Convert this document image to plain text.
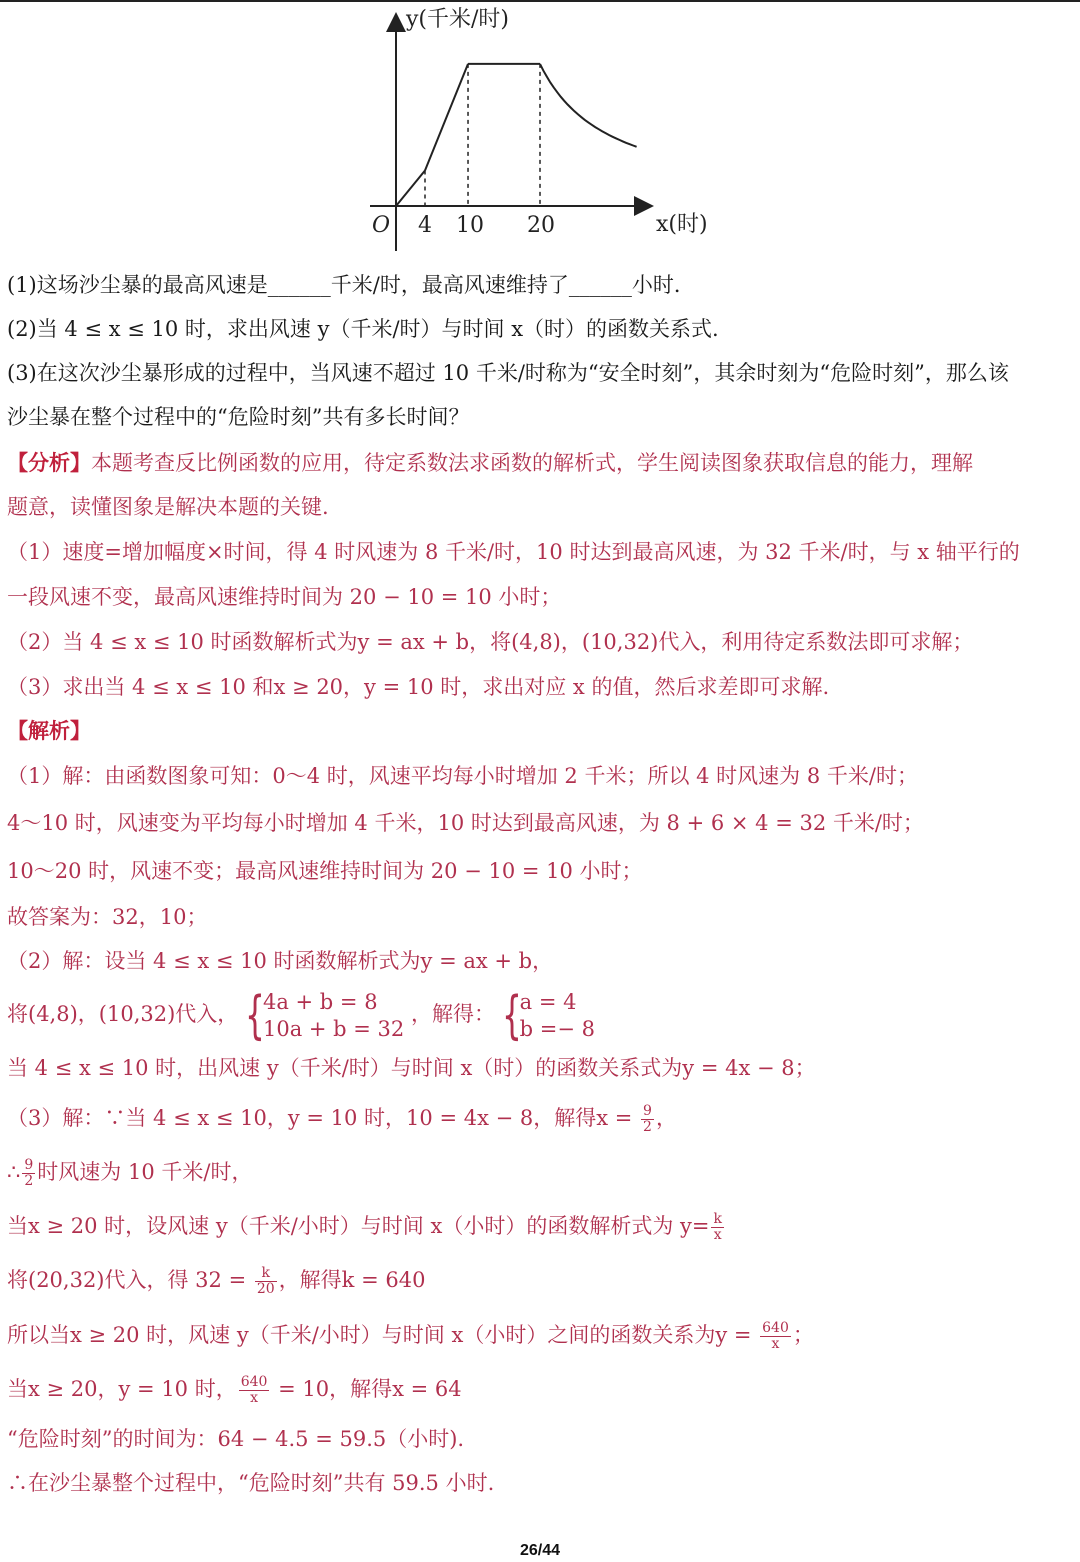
y(千米/时)
x(时)
O 4 10 20
(1)这场沙尘暴的最高风速是______千米/时，最高风速维持了______小时．
(2)当 4 ≤ x ≤ 10 时，求出风速 y（千米/时）与时间 x（时）的函数关系式.
(3)在这次沙尘暴形成的过程中，当风速不超过 10 千米/时称为“安全时刻”，其余时刻为“危险时刻”，那么该
沙尘暴在整个过程中的“危险时刻”共有多长时间？
【分析】本题考查反比例函数的应用，待定系数法求函数的解析式，学生阅读图象获取信息的能力，理解
题意，读懂图象是解决本题的关键.
（1）速度=增加幅度×时间，得 4 时风速为 8 千米/时，10 时达到最高风速，为 32 千米/时，与 x 轴平行的
一段风速不变，最高风速维持时间为 20 − 10 = 10 小时；
（2）当 4 ≤ x ≤ 10 时函数解析式为y = ax + b，将(4,8)，(10,32)代入，利用待定系数法即可求解；
（3）求出当 4 ≤ x ≤ 10 和x ≥ 20，y = 10 时，求出对应 x 的值，然后求差即可求解.
【解析】
（1）解：由函数图象可知：0～4 时，风速平均每小时增加 2 千米；所以 4 时风速为 8 千米/时；
4～10 时，风速变为平均每小时增加 4 千米，10 时达到最高风速，为 8 + 6 × 4 = 32 千米/时；
10～20 时，风速不变；最高风速维持时间为 20 − 10 = 10 小时；
故答案为：32，10；
（2）解：设当 4 ≤ x ≤ 10 时函数解析式为y = ax + b，
将(4,8)，(10,32)代入， {
4a + b = 8
10a + b = 32
，解得： {
a = 4
b =− 8
当 4 ≤ x ≤ 10 时，出风速 y（千米/时）与时间 x（时）的函数关系式为y = 4x − 8；
（3）解：∵当 4 ≤ x ≤ 10，y = 10 时，10 = 4x − 8，解得$x = \frac{9}{2}$ ，
∴ $\frac{9}{2}$ 时风速为 10 千米/时，
当x ≥ 20 时，设风速 y（千米/小时）与时间 x（小时）的函数解析式为 $y= \frac{k}{x}$
将(20,32)代入，得 $32 = \frac{k}{20}$ ，解得k = 640
所以当x ≥ 20 时，风速 y（千米/小时）与时间 x（小时）之间的函数关系为$y = \frac{640}{x}$ ；
当x ≥ 20，y = 10 时， $\frac{640}{x} = 10$，解得x = 64
“危险时刻”的时间为：64 − 4.5 = 59.5（小时).
∴在沙尘暴整个过程中，“危险时刻”共有 59.5 小时.
26/44
